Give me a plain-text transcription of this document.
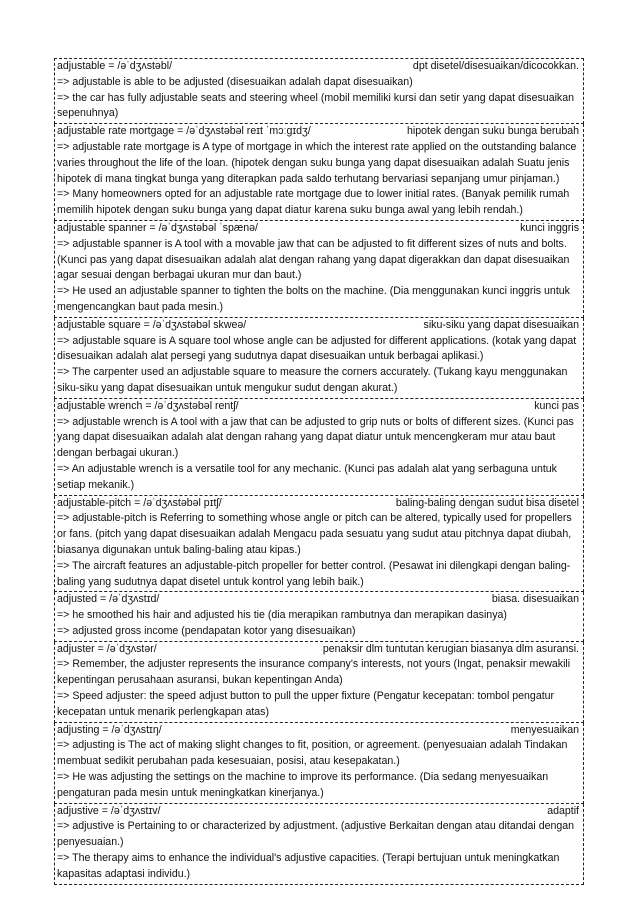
adjustable = /əˈdʒʌstəbl/	dpt disetel/disesuaikan/dicocokkan.
=> adjustable is able to be adjusted (disesuaikan adalah dapat disesuaikan)
=> the car has fully adjustable seats and steering wheel (mobil memiliki kursi dan setir yang dapat disesuaikan sepenuhnya)
adjustable rate mortgage = /əˈdʒʌstəbəl reɪt ˈmɔːɡɪdʒ/	hipotek dengan suku bunga berubah
=> adjustable rate mortgage is A type of mortgage in which the interest rate applied on the outstanding balance varies throughout the life of the loan. (hipotek dengan suku bunga yang dapat disesuaikan adalah Suatu jenis hipotek di mana tingkat bunga yang diterapkan pada saldo terhutang bervariasi sepanjang umur pinjaman.)
=> Many homeowners opted for an adjustable rate mortgage due to lower initial rates. (Banyak pemilik rumah memilih hipotek dengan suku bunga yang dapat diatur karena suku bunga awal yang lebih rendah.)
adjustable spanner = /əˈdʒʌstəbəl ˈspænə/	kunci inggris
=> adjustable spanner is A tool with a movable jaw that can be adjusted to fit different sizes of nuts and bolts. (Kunci pas yang dapat disesuaikan adalah alat dengan rahang yang dapat digerakkan dan dapat disesuaikan agar sesuai dengan berbagai ukuran mur dan baut.)
=> He used an adjustable spanner to tighten the bolts on the machine. (Dia menggunakan kunci inggris untuk mengencangkan baut pada mesin.)
adjustable square = /əˈdʒʌstəbəl skweə/	siku-siku yang dapat disesuaikan
=> adjustable square is A square tool whose angle can be adjusted for different applications. (kotak yang dapat disesuaikan adalah alat persegi yang sudutnya dapat disesuaikan untuk berbagai aplikasi.)
=> The carpenter used an adjustable square to measure the corners accurately. (Tukang kayu menggunakan siku-siku yang dapat disesuaikan untuk mengukur sudut dengan akurat.)
adjustable wrench = /əˈdʒʌstəbəl rentʃ/	kunci pas
=> adjustable wrench is A tool with a jaw that can be adjusted to grip nuts or bolts of different sizes. (Kunci pas yang dapat disesuaikan adalah alat dengan rahang yang dapat diatur untuk mencengkeram mur atau baut dengan berbagai ukuran.)
=> An adjustable wrench is a versatile tool for any mechanic. (Kunci pas adalah alat yang serbaguna untuk setiap mekanik.)
adjustable-pitch = /əˈdʒʌstəbəl pɪtʃ/	baling-baling dengan sudut bisa disetel
=> adjustable-pitch is Referring to something whose angle or pitch can be altered, typically used for propellers or fans. (pitch yang dapat disesuaikan adalah Mengacu pada sesuatu yang sudut atau pitchnya dapat diubah, biasanya digunakan untuk baling-baling atau kipas.)
=> The aircraft features an adjustable-pitch propeller for better control. (Pesawat ini dilengkapi dengan baling-baling yang sudutnya dapat disetel untuk kontrol yang lebih baik.)
adjusted = /əˈdʒʌstɪd/	biasa. disesuaikan
=> he smoothed his hair and adjusted his tie (dia merapikan rambutnya dan merapikan dasinya)
=> adjusted gross income (pendapatan kotor yang disesuaikan)
adjuster = /əˈdʒʌstər/	penaksir dlm tuntutan kerugian biasanya dlm asuransi.
=> Remember, the adjuster represents the insurance company's interests, not yours (Ingat, penaksir mewakili kepentingan perusahaan asuransi, bukan kepentingan Anda)
=> Speed adjuster: the speed adjust button to pull the upper fixture (Pengatur kecepatan: tombol pengatur kecepatan untuk menarik perlengkapan atas)
adjusting = /əˈdʒʌstɪŋ/	menyesuaikan
=> adjusting is The act of making slight changes to fit, position, or agreement. (penyesuaian adalah Tindakan membuat sedikit perubahan pada kesesuaian, posisi, atau kesepakatan.)
=> He was adjusting the settings on the machine to improve its performance. (Dia sedang menyesuaikan pengaturan pada mesin untuk meningkatkan kinerjanya.)
adjustive = /əˈdʒʌstɪv/	adaptif
=> adjustive is Pertaining to or characterized by adjustment. (adjustive Berkaitan dengan atau ditandai dengan penyesuaian.)
=> The therapy aims to enhance the individual's adjustive capacities. (Terapi bertujuan untuk meningkatkan kapasitas adaptasi individu.)
